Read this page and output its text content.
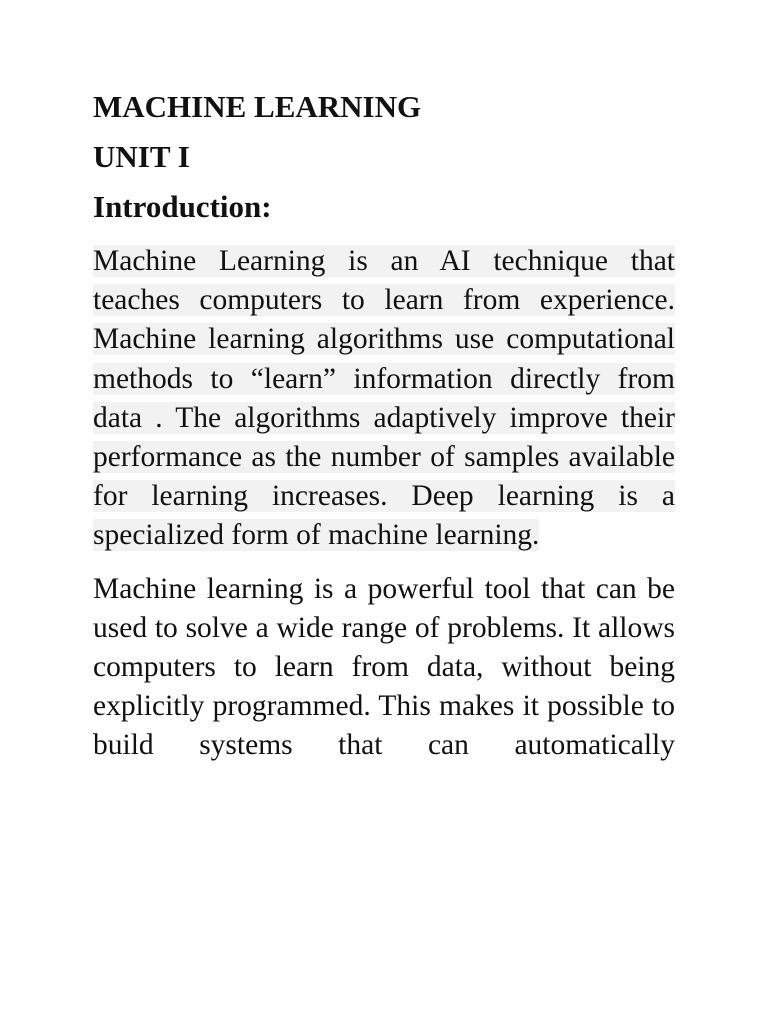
MACHINE LEARNING
UNIT I
Introduction:

Machine Learning is an AI technique that teaches computers to learn from experience. Machine learning algorithms use computational methods to “learn” information directly from data . The algorithms adaptively improve their performance as the number of samples available for learning increases. Deep learning is a specialized form of machine learning.

Machine learning is a powerful tool that can be used to solve a wide range of problems. It allows computers to learn from data, without being explicitly programmed. This makes it possible to build systems that can automatically
